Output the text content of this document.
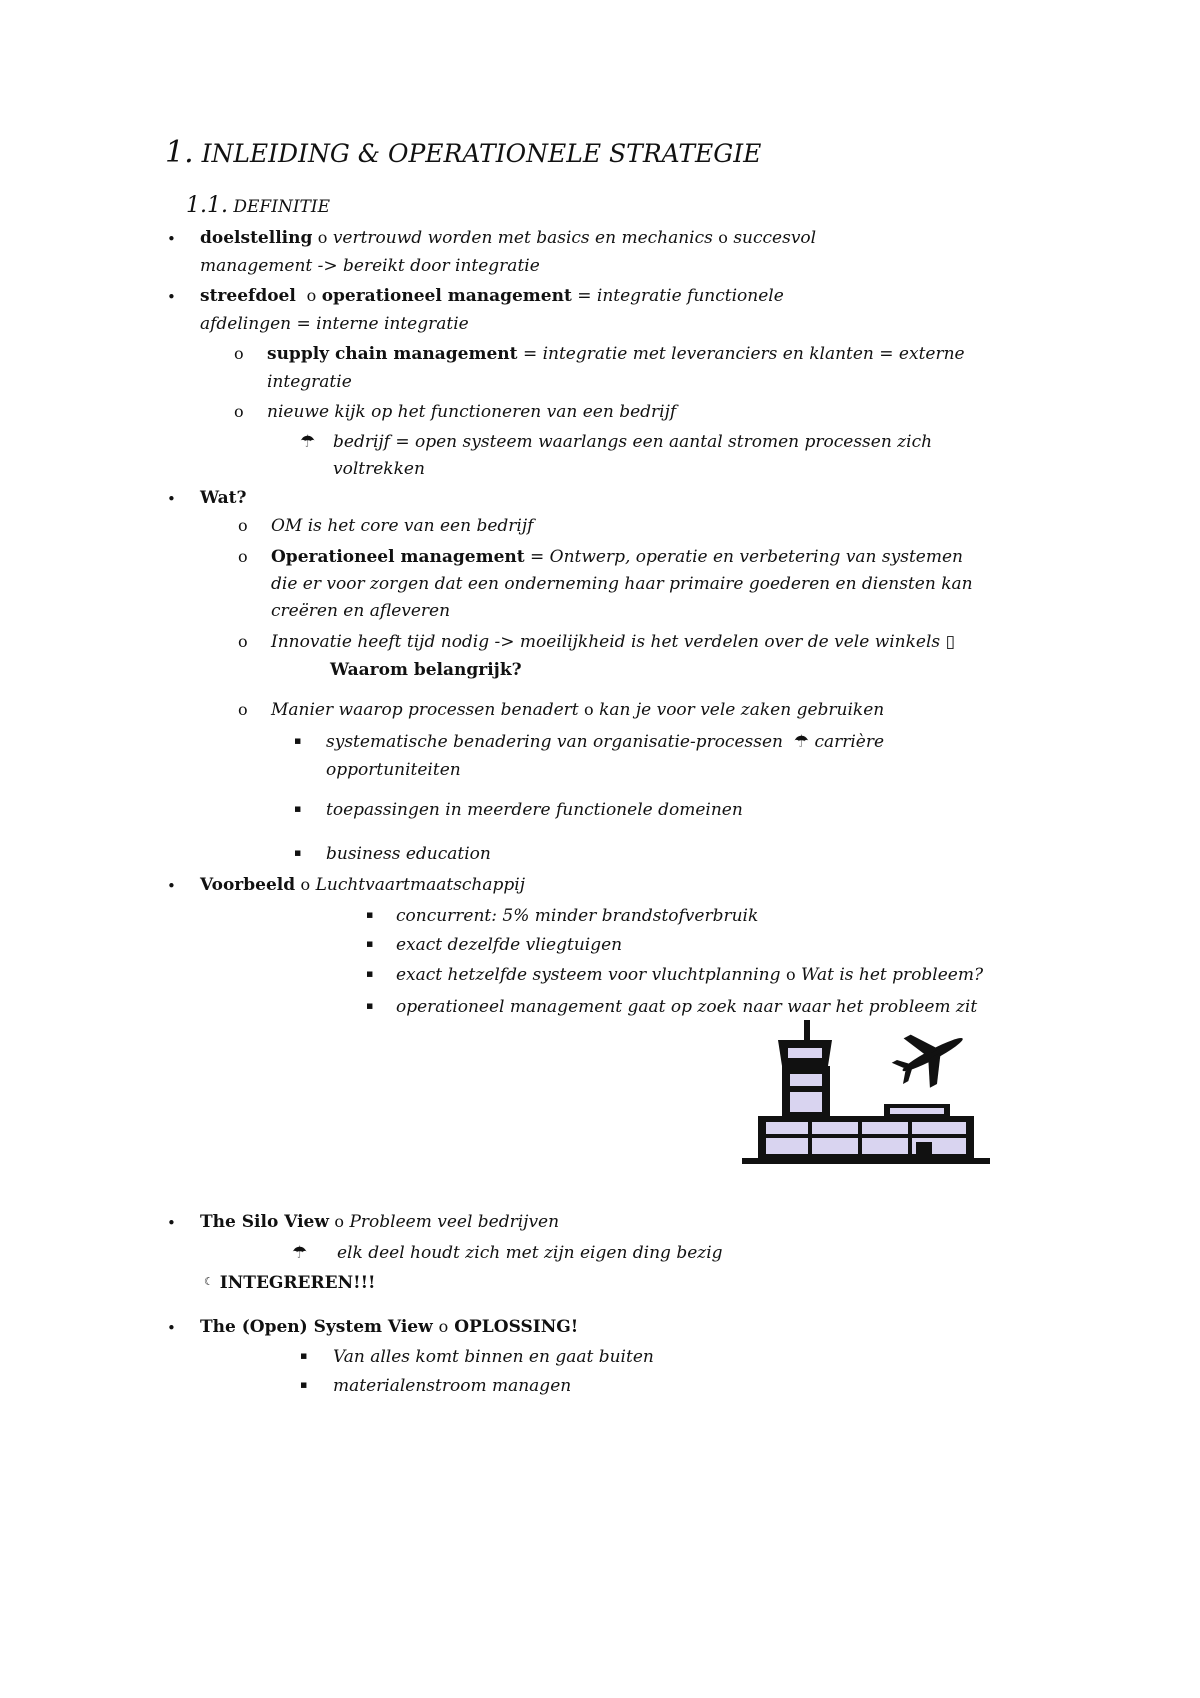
1. INLEIDING & OPERATIONELE STRATEGIE
1.1. DEFINITIE
• doelstelling o vertrouwd worden met basics en mechanics o succesvol
management -> bereikt door integratie
• streefdoel o operationeel management = integratie functionele
afdelingen = interne integratie
o supply chain management = integratie met leveranciers en klanten = externe
integratie
o nieuwe kijk op het functioneren van een bedrijf
☂ bedrijf = open systeem waarlangs een aantal stromen processen zich
voltrekken
• Wat?
o OM is het core van een bedrijf
o Operationeel management = Ontwerp, operatie en verbetering van systemen
die er voor zorgen dat een onderneming haar primaire goederen en diensten kan
creëren en afleveren
o Innovatie heeft tijd nodig -> moeilijkheid is het verdelen over de vele winkels ▯
Waarom belangrijk?
o Manier waarop processen benadert o kan je voor vele zaken gebruiken
▪ systematische benadering van organisatie-processen ☂ carrière
opportuniteiten
▪ toepassingen in meerdere functionele domeinen
▪ business education
• Voorbeeld o Luchtvaartmaatschappij
▪ concurrent: 5% minder brandstofverbruik
▪ exact dezelfde vliegtuigen
▪ exact hetzelfde systeem voor vluchtplanning o Wat is het probleem?
▪ operationeel management gaat op zoek naar waar het probleem zit
• The Silo View o Probleem veel bedrijven
☂ elk deel houdt zich met zijn eigen ding bezig
☾ INTEGREREN!!!
• The (Open) System View o OPLOSSING!
▪ Van alles komt binnen en gaat buiten
▪ materialenstroom managen
